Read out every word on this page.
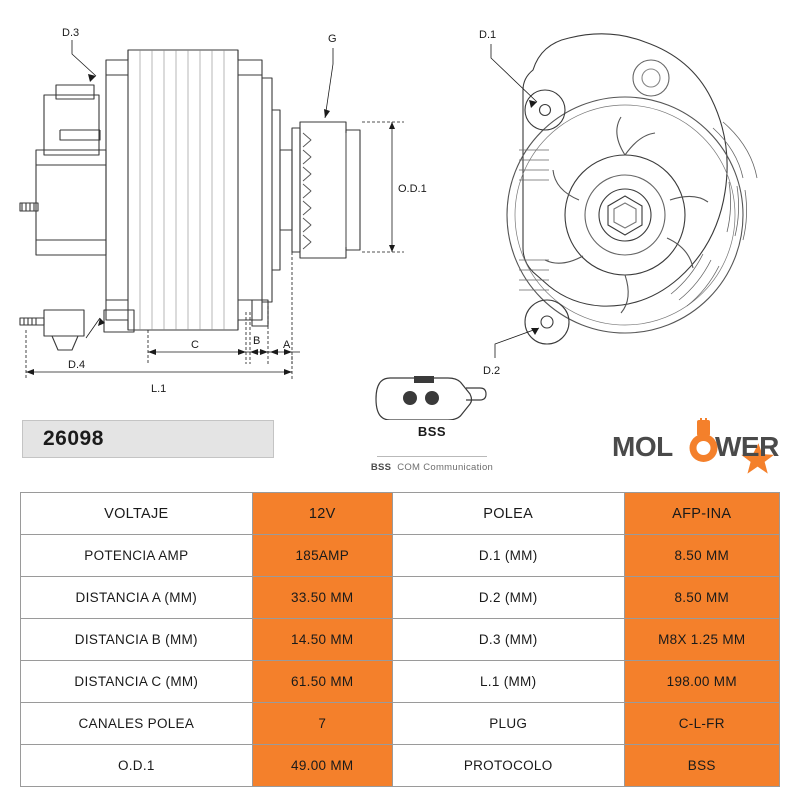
D.3	G
O.D.1
C	B A
D.4
L.1
D.1
D.2
26098	BSS
BSS COM Communication
MOL WER
VOLTAJE	12V	POLEA	AFP-INA
POTENCIA AMP	185AMP	D.1 (MM)	8.50 MM
DISTANCIA A (MM)	33.50 MM	D.2 (MM)	8.50 MM
DISTANCIA B (MM)	14.50 MM	D.3 (MM)	M8X 1.25 MM
DISTANCIA C (MM)	61.50 MM	L.1 (MM)	198.00 MM
CANALES POLEA	7	PLUG	C-L-FR
O.D.1	49.00 MM	PROTOCOLO	BSS
